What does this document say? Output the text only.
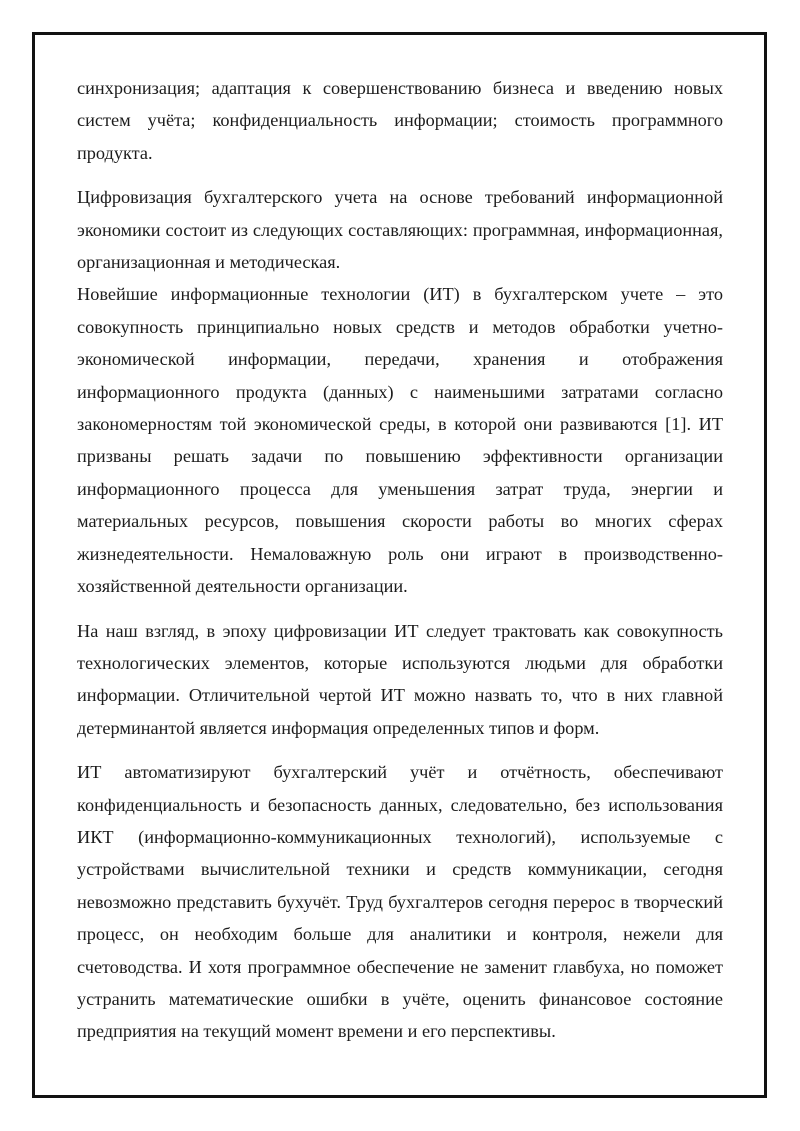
синхронизация; адаптация к совершенствованию бизнеса и введению новых систем учёта; конфиденциальность информации; стоимость программного продукта.

Цифровизация бухгалтерского учета на основе требований информационной экономики состоит из следующих составляющих: программная, информационная, организационная и методическая.

Новейшие информационные технологии (ИТ) в бухгалтерском учете – это совокупность принципиально новых средств и методов обработки учетно-экономической информации, передачи, хранения и отображения информационного продукта (данных) с наименьшими затратами согласно закономерностям той экономической среды, в которой они развиваются [1]. ИТ призваны решать задачи по повышению эффективности организации информационного процесса для уменьшения затрат труда, энергии и материальных ресурсов, повышения скорости работы во многих сферах жизнедеятельности. Немаловажную роль они играют в производственно-хозяйственной деятельности организации.

На наш взгляд, в эпоху цифровизации ИТ следует трактовать как совокупность технологических элементов, которые используются людьми для обработки информации. Отличительной чертой ИТ можно назвать то, что в них главной детерминантой является информация определенных типов и форм.

ИТ автоматизируют бухгалтерский учёт и отчётность, обеспечивают конфиденциальность и безопасность данных, следовательно, без использования ИКТ (информационно-коммуникационных технологий), используемые с устройствами вычислительной техники и средств коммуникации, сегодня невозможно представить бухучёт. Труд бухгалтеров сегодня перерос в творческий процесс, он необходим больше для аналитики и контроля, нежели для счетоводства. И хотя программное обеспечение не заменит главбуха, но поможет устранить математические ошибки в учёте, оценить финансовое состояние предприятия на текущий момент времени и его перспективы.
